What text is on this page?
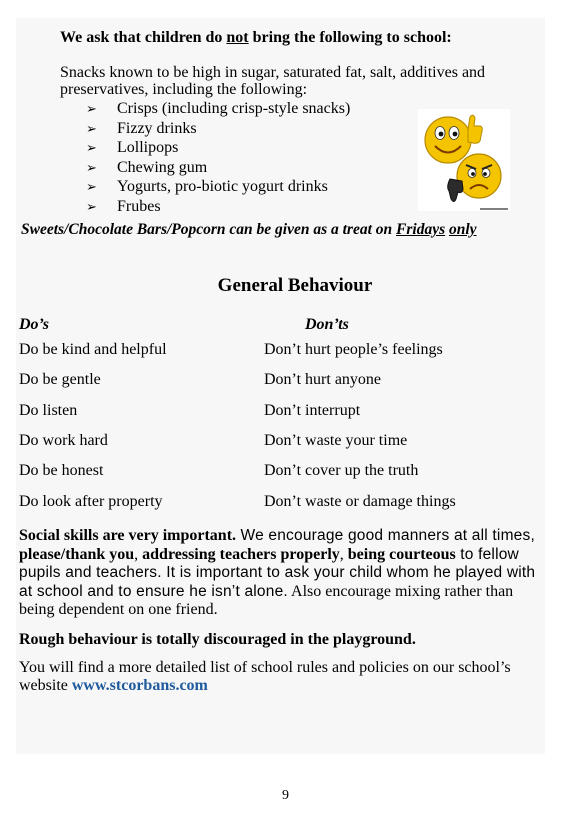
We ask that children do not bring the following to school:
Snacks known to be high in sugar, saturated fat, salt, additives and preservatives, including the following:
➢ Crisps (including crisp-style snacks)
➢ Fizzy drinks
➢ Lollipops
➢ Chewing gum
➢ Yogurts, pro-biotic yogurt drinks
➢ Frubes
Sweets/Chocolate Bars/Popcorn can be given as a treat on Fridays only
General Behaviour
Do’s	Don’ts
Do be kind and helpful	Don’t hurt people’s feelings
Do be gentle	Don’t hurt anyone
Do listen	Don’t interrupt
Do work hard	Don’t waste your time
Do be honest	Don’t cover up the truth
Do look after property	Don’t waste or damage things
Social skills are very important. We encourage good manners at all times, please/thank you, addressing teachers properly, being courteous to fellow pupils and teachers. It is important to ask your child whom he played with at school and to ensure he isn’t alone. Also encourage mixing rather than being dependent on one friend.
Rough behaviour is totally discouraged in the playground.
You will find a more detailed list of school rules and policies on our school’s website www.stcorbans.com
9
